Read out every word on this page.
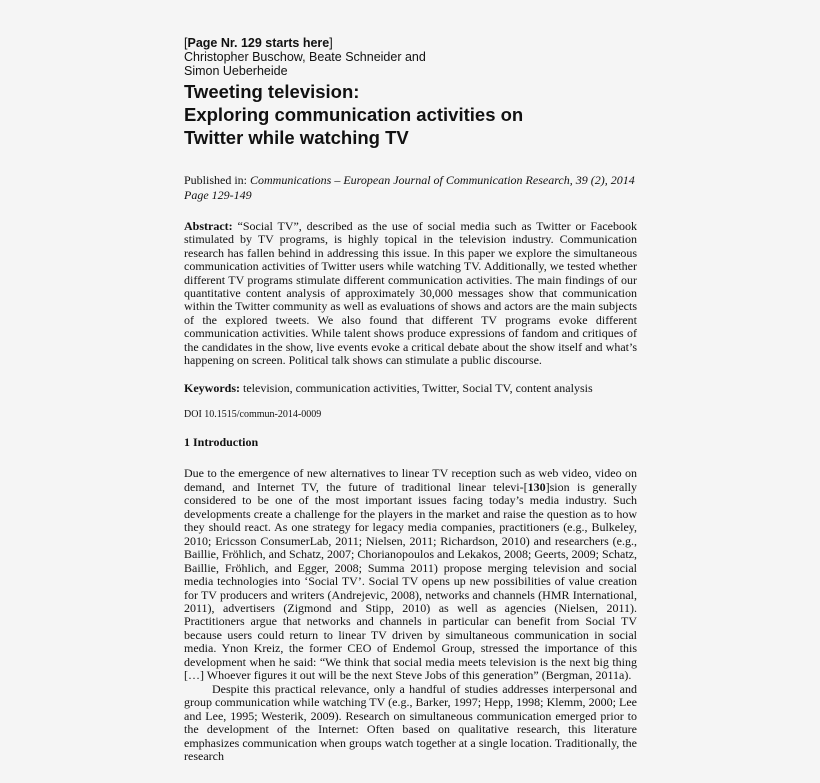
[Page Nr. 129 starts here]
Christopher Buschow, Beate Schneider and
Simon Ueberheide
Tweeting television:
Exploring communication activities on
Twitter while watching TV
Published in: Communications – European Journal of Communication Research, 39 (2), 2014
Page 129-149
Abstract: “Social TV”, described as the use of social media such as Twitter or Facebook stimulated by TV programs, is highly topical in the television industry. Communication research has fallen behind in addressing this issue. In this paper we explore the simultaneous communication activities of Twitter users while watching TV. Additionally, we tested whether different TV programs stimulate different communication activities. The main findings of our quantitative content analysis of approximately 30,000 messages show that communication within the Twitter community as well as evaluations of shows and actors are the main subjects of the explored tweets. We also found that different TV programs evoke different communication activities. While talent shows produce expressions of fandom and critiques of the candidates in the show, live events evoke a critical debate about the show itself and what’s happening on screen. Political talk shows can stimulate a public discourse.
Keywords: television, communication activities, Twitter, Social TV, content analysis
DOI 10.1515/commun-2014-0009
1 Introduction

Due to the emergence of new alternatives to linear TV reception such as web video, video on demand, and Internet TV, the future of traditional linear televi-[130]sion is generally considered to be one of the most important issues facing today’s media industry. Such developments create a challenge for the players in the market and raise the question as to how they should react. As one strategy for legacy media companies, practitioners (e.g., Bulkeley, 2010; Ericsson ConsumerLab, 2011; Nielsen, 2011; Richardson, 2010) and researchers (e.g., Baillie, Fröhlich, and Schatz, 2007; Chorianopoulos and Lekakos, 2008; Geerts, 2009; Schatz, Baillie, Fröhlich, and Egger, 2008; Summa 2011) propose merging television and social media technologies into ‘Social TV’. Social TV opens up new possibilities of value creation for TV producers and writers (Andrejevic, 2008), networks and channels (HMR International, 2011), advertisers (Zigmond and Stipp, 2010) as well as agencies (Nielsen, 2011). Practitioners argue that networks and channels in particular can benefit from Social TV because users could return to linear TV driven by simultaneous communication in social media. Ynon Kreiz, the former CEO of Endemol Group, stressed the importance of this development when he said: “We think that social media meets television is the next big thing […] Whoever figures it out will be the next Steve Jobs of this generation” (Bergman, 2011a).

Despite this practical relevance, only a handful of studies addresses interpersonal and group communication while watching TV (e.g., Barker, 1997; Hepp, 1998; Klemm, 2000; Lee and Lee, 1995; Westerik, 2009). Research on simultaneous communication emerged prior to the development of the Internet: Often based on qualitative research, this literature emphasizes communication when groups watch together at a single location. Traditionally, the research
